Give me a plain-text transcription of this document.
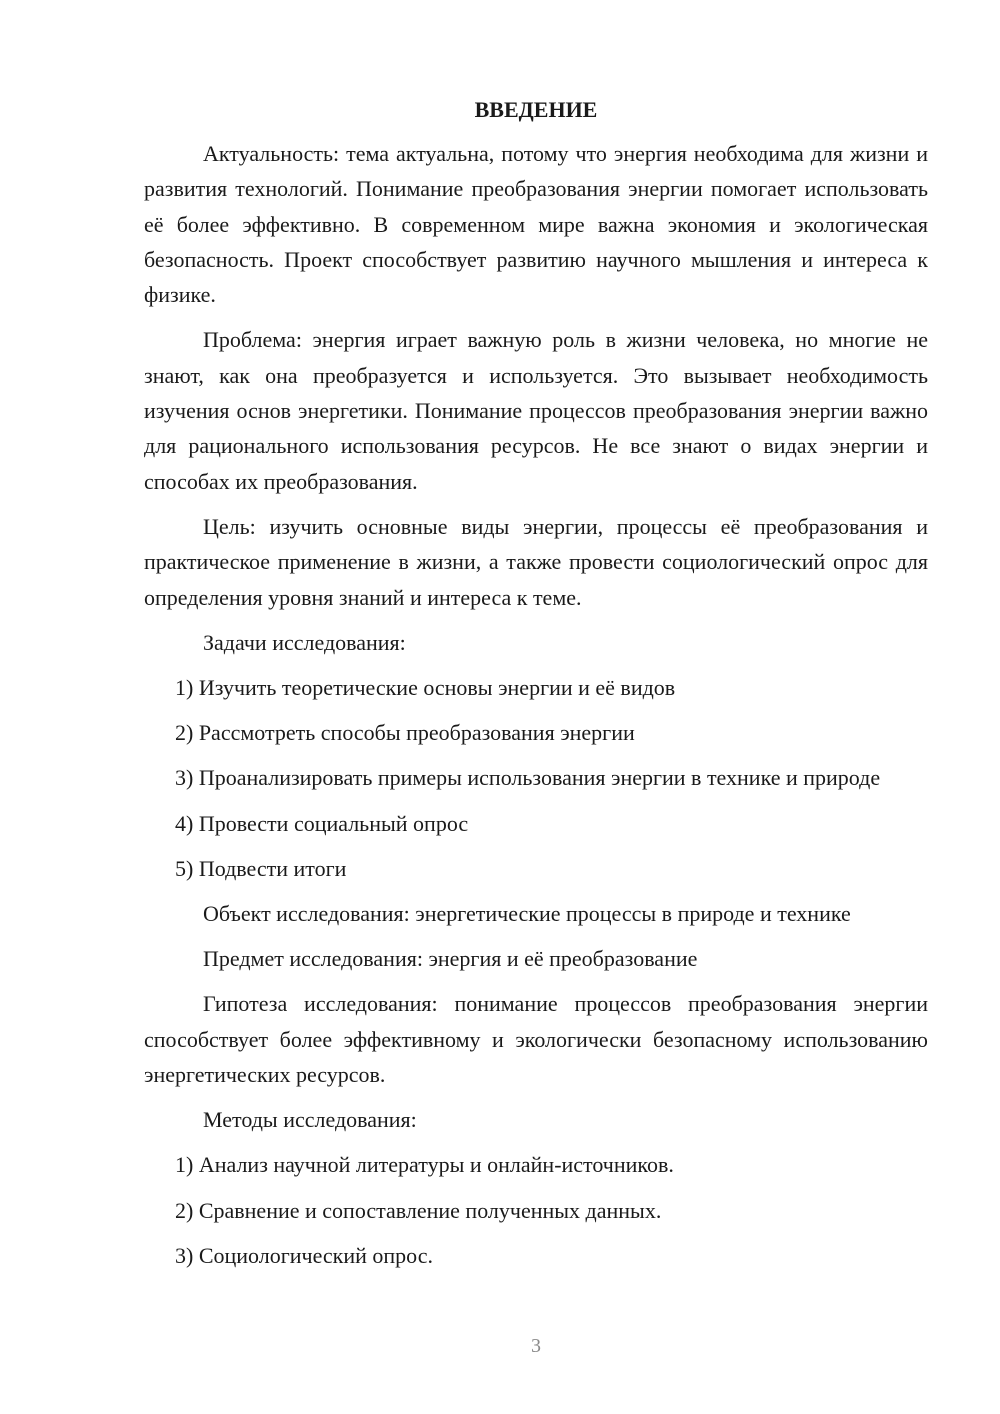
ВВЕДЕНИЕ

Актуальность: тема актуальна, потому что энергия необходима для жизни и развития технологий. Понимание преобразования энергии помогает использовать её более эффективно. В современном мире важна экономия и экологическая безопасность. Проект способствует развитию научного мышления и интереса к физике.

Проблема: энергия играет важную роль в жизни человека, но многие не знают, как она преобразуется и используется. Это вызывает необходимость изучения основ энергетики. Понимание процессов преобразования энергии важно для рационального использования ресурсов. Не все знают о видах энергии и способах их преобразования.

Цель: изучить основные виды энергии, процессы её преобразования и практическое применение в жизни, а также провести социологический опрос для определения уровня знаний и интереса к теме.

Задачи исследования:

1) Изучить теоретические основы энергии и её видов

2) Рассмотреть способы преобразования энергии

3) Проанализировать примеры использования энергии в технике и природе

4) Провести социальный опрос

5) Подвести итоги

Объект исследования: энергетические процессы в природе и технике

Предмет исследования: энергия и её преобразование

Гипотеза исследования: понимание процессов преобразования энергии способствует более эффективному и экологически безопасному использованию энергетических ресурсов.

Методы исследования:

1) Анализ научной литературы и онлайн-источников.

2) Сравнение и сопоставление полученных данных.

3) Социологический опрос.

3
